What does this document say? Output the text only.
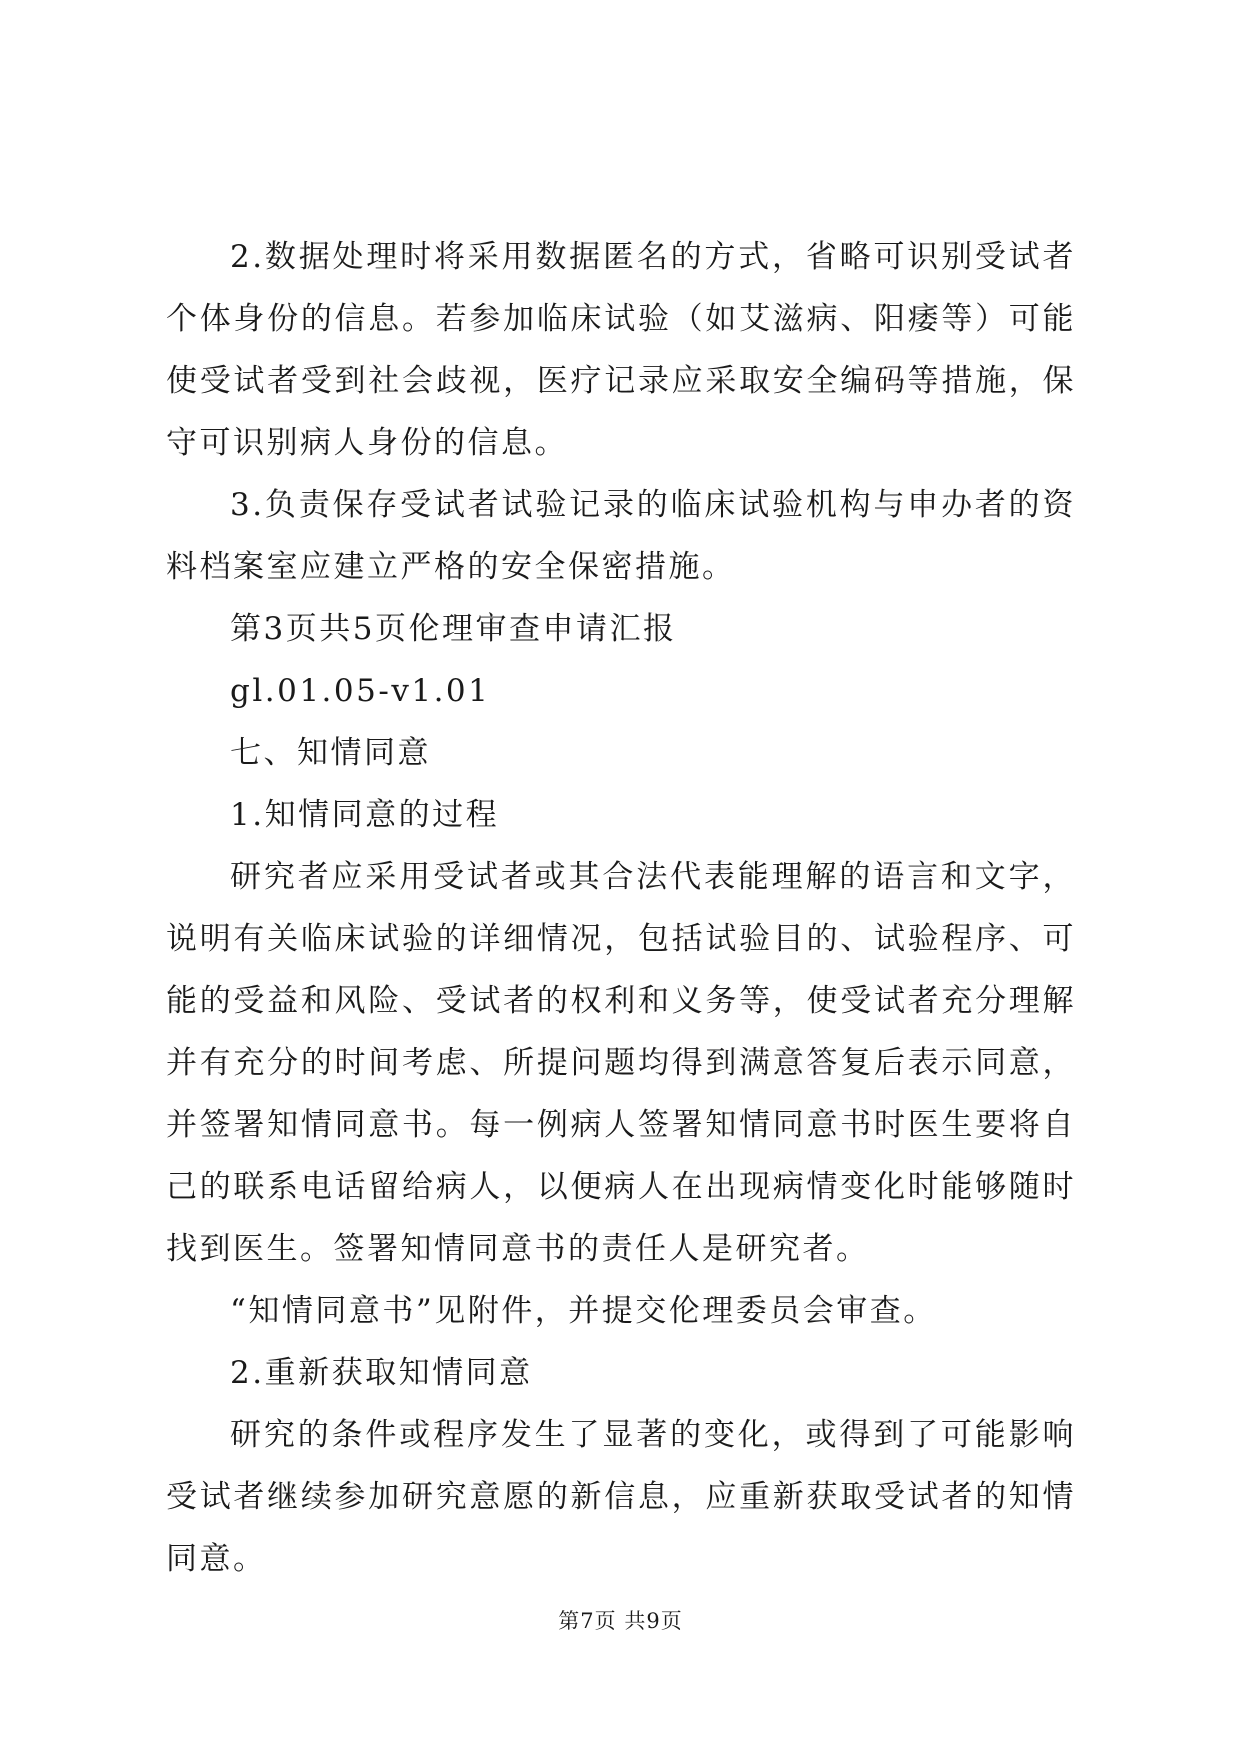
2.数据处理时将采用数据匿名的方式，省略可识别受试者个体身份的信息。若参加临床试验（如艾滋病、阳痿等）可能使受试者受到社会歧视，医疗记录应采取安全编码等措施，保守可识别病人身份的信息。

3.负责保存受试者试验记录的临床试验机构与申办者的资料档案室应建立严格的安全保密措施。

第3页共5页伦理审查申请汇报

gl.01.05-v1.01

七、知情同意

1.知情同意的过程

研究者应采用受试者或其合法代表能理解的语言和文字，说明有关临床试验的详细情况，包括试验目的、试验程序、可能的受益和风险、受试者的权利和义务等，使受试者充分理解并有充分的时间考虑、所提问题均得到满意答复后表示同意，并签署知情同意书。每一例病人签署知情同意书时医生要将自己的联系电话留给病人，以便病人在出现病情变化时能够随时找到医生。签署知情同意书的责任人是研究者。

“知情同意书”见附件，并提交伦理委员会审查。

2.重新获取知情同意

研究的条件或程序发生了显著的变化，或得到了可能影响受试者继续参加研究意愿的新信息，应重新获取受试者的知情同意。

第7页 共9页
